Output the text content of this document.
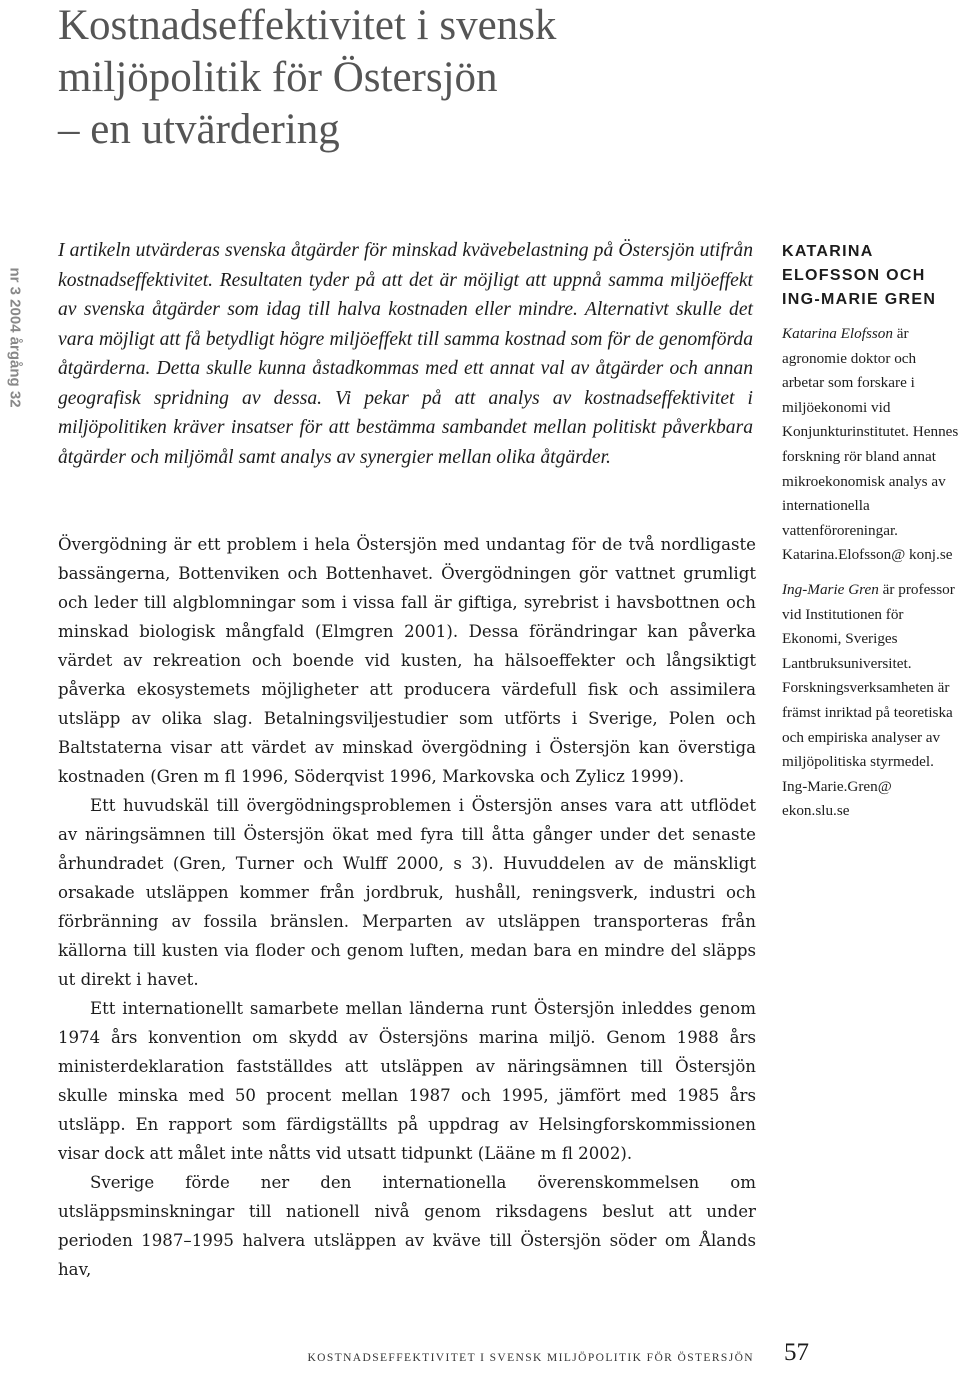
Kostnadseffektivitet i svensk
miljöpolitik för Östersjön
– en utvärdering
nr 3 2004 årgång 32

I artikeln utvärderas svenska åtgärder för minskad kvävebelastning på Östersjön utifrån kostnadseffektivitet. Resultaten tyder på att det är möjligt att uppnå samma miljöeffekt av svenska åtgärder som idag till halva kostnaden eller mindre. Alternativt skulle det vara möjligt att få betydligt högre miljöeffekt till samma kostnad som för de genomförda åtgärderna. Detta skulle kunna åstadkommas med ett annat val av åtgärder och annan geografisk spridning av dessa. Vi pekar på att analys av kostnadseffektivitet i miljöpolitiken kräver insatser för att bestämma sambandet mellan politiskt påverkbara åtgärder och miljömål samt analys av synergier mellan olika åtgärder.

Övergödning är ett problem i hela Östersjön med undantag för de två nordligaste bassängerna, Bottenviken och Bottenhavet. Övergödningen gör vattnet grumligt och leder till algblomningar som i vissa fall är giftiga, syrebrist i havsbottnen och minskad biologisk mångfald (Elmgren 2001). Dessa förändringar kan påverka värdet av rekreation och boende vid kusten, ha hälsoeffekter och långsiktigt påverka ekosystemets möjligheter att producera värdefull fisk och assimilera utsläpp av olika slag. Betalningsviljestudier som utförts i Sverige, Polen och Baltstaterna visar att värdet av minskad övergödning i Östersjön kan överstiga kostnaden (Gren m fl 1996, Söderqvist 1996, Markovska och Zylicz 1999).

Ett huvudskäl till övergödningsproblemen i Östersjön anses vara att utflödet av näringsämnen till Östersjön ökat med fyra till åtta gånger under det senaste århundradet (Gren, Turner och Wulff 2000, s 3). Huvuddelen av de mänskligt orsakade utsläppen kommer från jordbruk, hushåll, reningsverk, industri och förbränning av fossila bränslen. Merparten av utsläppen transporteras från källorna till kusten via floder och genom luften, medan bara en mindre del släpps ut direkt i havet.

Ett internationellt samarbete mellan länderna runt Östersjön inleddes genom 1974 års konvention om skydd av Östersjöns marina miljö. Genom 1988 års ministerdeklaration fastställdes att utsläppen av näringsämnen till Östersjön skulle minska med 50 procent mellan 1987 och 1995, jämfört med 1985 års utsläpp. En rapport som färdigställts på uppdrag av Helsingforskommissionen visar dock att målet inte nåtts vid utsatt tidpunkt (Lääne m fl 2002).

Sverige förde ner den internationella överenskommelsen om utsläppsminskningar till nationell nivå genom riksdagens beslut att under perioden 1987–1995 halvera utsläppen av kväve till Östersjön söder om Ålands hav,

KATARINA ELOFSSON OCH ING-MARIE GREN

Katarina Elofsson är agronomie doktor och arbetar som forskare i miljöekonomi vid Konjunkturinstitutet. Hennes forskning rör bland annat mikroekonomisk analys av internationella vattenföroreningar. Katarina.Elofsson@ konj.se

Ing-Marie Gren är professor vid Institutionen för Ekonomi, Sveriges Lantbruksuniversitet. Forskningsverksamheten är främst inriktad på teoretiska och empiriska analyser av miljöpolitiska styrmedel. Ing-Marie.Gren@ ekon.slu.se

KOSTNADSEFFEKTIVITET I SVENSK MILJÖPOLITIK FÖR ÖSTERSJÖN 57
